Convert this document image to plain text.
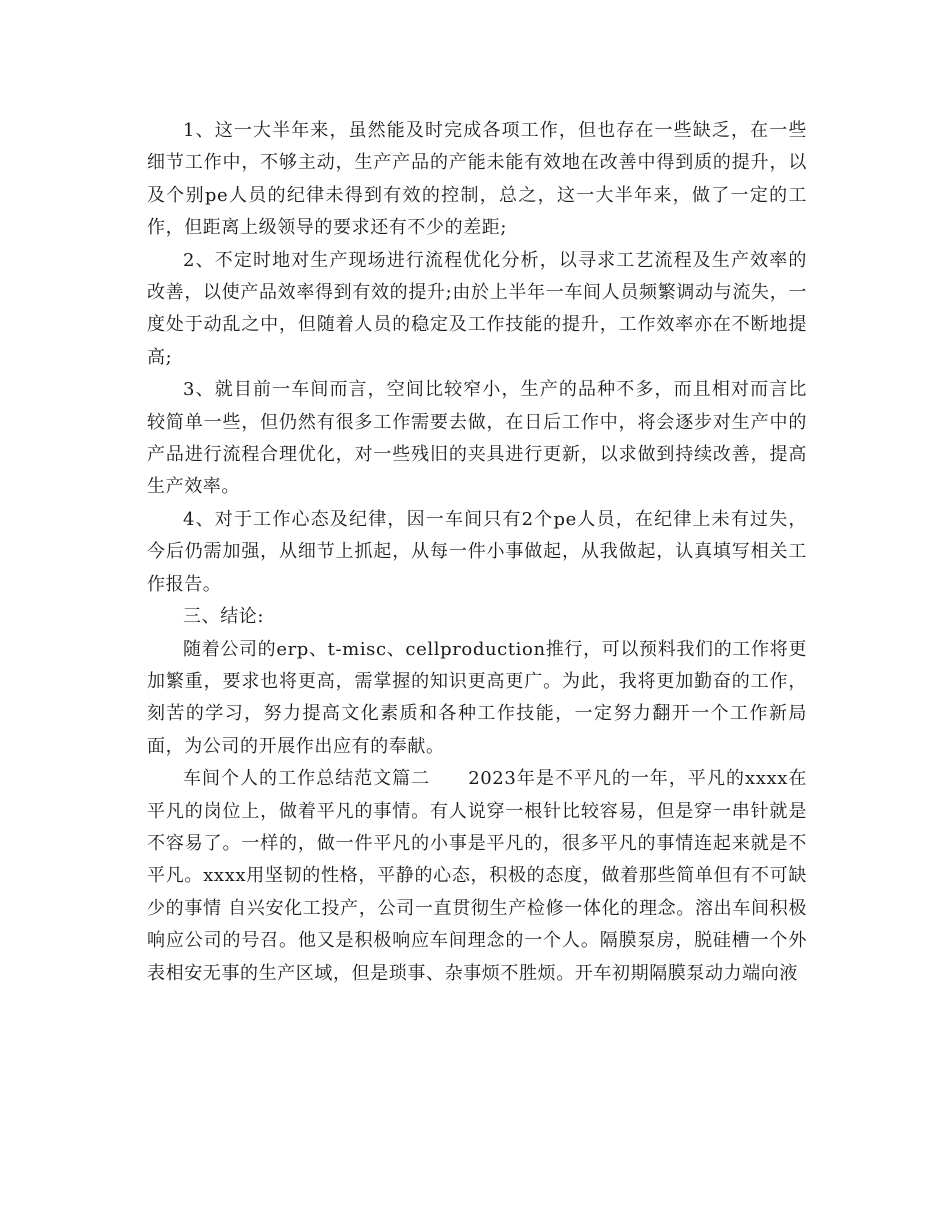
1、这一大半年来，虽然能及时完成各项工作，但也存在一些缺乏，在一些细节工作中，不够主动，生产产品的产能未能有效地在改善中得到质的提升，以及个别pe人员的纪律未得到有效的控制，总之，这一大半年来，做了一定的工作，但距离上级领导的要求还有不少的差距;

2、不定时地对生产现场进行流程优化分析，以寻求工艺流程及生产效率的改善，以使产品效率得到有效的提升;由於上半年一车间人员频繁调动与流失，一度处于动乱之中，但随着人员的稳定及工作技能的提升，工作效率亦在不断地提高;

3、就目前一车间而言，空间比较窄小，生产的品种不多，而且相对而言比较简单一些，但仍然有很多工作需要去做，在日后工作中，将会逐步对生产中的产品进行流程合理优化，对一些残旧的夹具进行更新，以求做到持续改善，提高生产效率。

4、对于工作心态及纪律，因一车间只有2个pe人员，在纪律上未有过失，今后仍需加强，从细节上抓起，从每一件小事做起，从我做起，认真填写相关工作报告。

三、结论:

随着公司的erp、t-misc、cellproduction推行，可以预料我们的工作将更加繁重，要求也将更高，需掌握的知识更高更广。为此，我将更加勤奋的工作，刻苦的学习，努力提高文化素质和各种工作技能，一定努力翻开一个工作新局面，为公司的开展作出应有的奉献。

车间个人的工作总结范文篇二　　2023年是不平凡的一年，平凡的xxxx在平凡的岗位上，做着平凡的事情。有人说穿一根针比较容易，但是穿一串针就是不容易了。一样的，做一件平凡的小事是平凡的，很多平凡的事情连起来就是不平凡。xxxx用坚韧的性格，平静的心态，积极的态度，做着那些简单但有不可缺少的事情 自兴安化工投产，公司一直贯彻生产检修一体化的理念。溶出车间积极响应公司的号召。他又是积极响应车间理念的一个人。隔膜泵房，脱硅槽一个外表相安无事的生产区域，但是琐事、杂事烦不胜烦。开车初期隔膜泵动力端向液
